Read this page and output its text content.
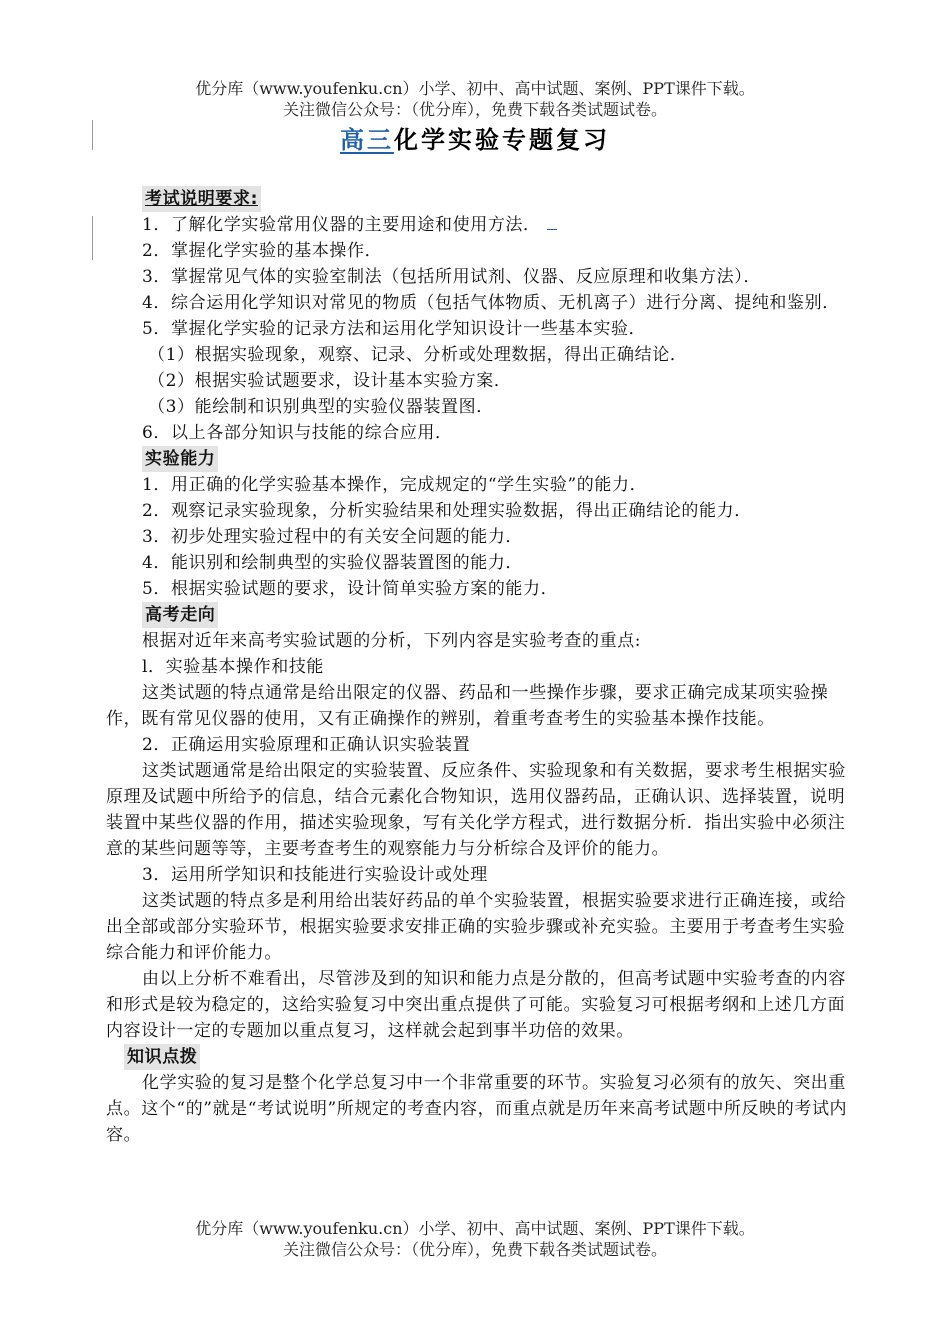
优分库（www.youfenku.cn）小学、初中、高中试题、案例、PPT课件下载。
关注微信公众号：（优分库），免费下载各类试题试卷。
高三化学实验专题复习

考试说明要求:

1．了解化学实验常用仪器的主要用途和使用方法．

2．掌握化学实验的基本操作．

3．掌握常见气体的实验室制法（包括所用试剂、仪器、反应原理和收集方法）．

4．综合运用化学知识对常见的物质（包括气体物质、无机离子）进行分离、提纯和鉴别．

5．掌握化学实验的记录方法和运用化学知识设计一些基本实验．

（1）根据实验现象，观察、记录、分析或处理数据，得出正确结论．

（2）根据实验试题要求，设计基本实验方案．

（3）能绘制和识别典型的实验仪器装置图．

6．以上各部分知识与技能的综合应用．

实验能力

1．用正确的化学实验基本操作，完成规定的“学生实验”的能力．

2．观察记录实验现象，分析实验结果和处理实验数据，得出正确结论的能力．

3．初步处理实验过程中的有关安全问题的能力．

4．能识别和绘制典型的实验仪器装置图的能力．

5．根据实验试题的要求，设计简单实验方案的能力．

高考走向

根据对近年来高考实验试题的分析，下列内容是实验考查的重点:

l．实验基本操作和技能

这类试题的特点通常是给出限定的仪器、药品和一些操作步骤，要求正确完成某项实验操作，既有常见仪器的使用，又有正确操作的辨别，着重考查考生的实验基本操作技能。

2．正确运用实验原理和正确认识实验装置

这类试题通常是给出限定的实验装置、反应条件、实验现象和有关数据，要求考生根据实验原理及试题中所给予的信息，结合元素化合物知识，选用仪器药品，正确认识、选择装置，说明装置中某些仪器的作用，描述实验现象，写有关化学方程式，进行数据分析．指出实验中必须注意的某些问题等等，主要考查考生的观察能力与分析综合及评价的能力。

3．运用所学知识和技能进行实验设计或处理

这类试题的特点多是利用给出装好药品的单个实验装置，根据实验要求进行正确连接，或给出全部或部分实验环节，根据实验要求安排正确的实验步骤或补充实验。主要用于考查考生实验综合能力和评价能力。

由以上分析不难看出，尽管涉及到的知识和能力点是分散的，但高考试题中实验考查的内容和形式是较为稳定的，这给实验复习中突出重点提供了可能。实验复习可根据考纲和上述几方面内容设计一定的专题加以重点复习，这样就会起到事半功倍的效果。

知识点拨

化学实验的复习是整个化学总复习中一个非常重要的环节。实验复习必须有的放矢、突出重点。这个“的”就是“考试说明”所规定的考查内容，而重点就是历年来高考试题中所反映的考试内容。

优分库（www.youfenku.cn）小学、初中、高中试题、案例、PPT课件下载。
关注微信公众号：（优分库），免费下载各类试题试卷。
